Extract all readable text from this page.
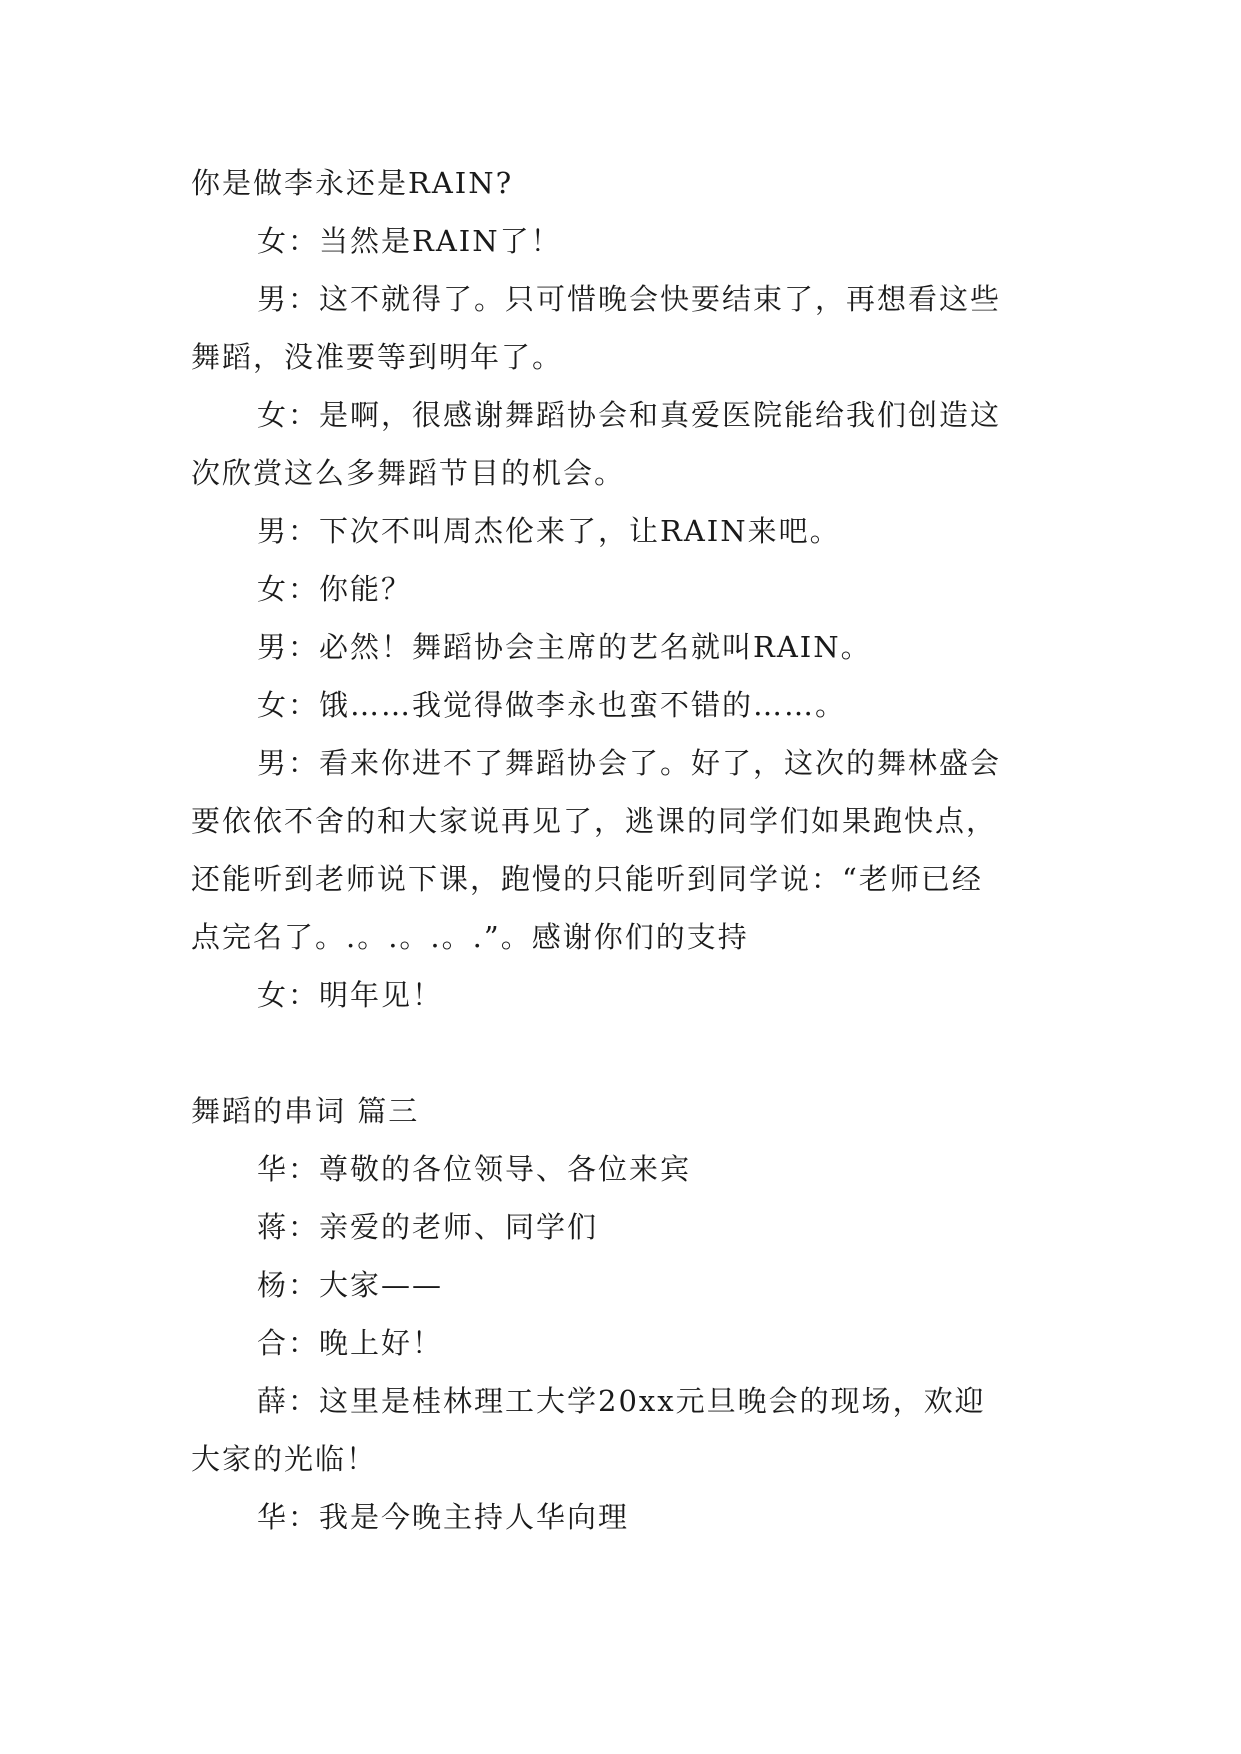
你是做李永还是RAIN?
女：当然是RAIN了！
男：这不就得了。只可惜晚会快要结束了，再想看这些
舞蹈，没准要等到明年了。
女：是啊，很感谢舞蹈协会和真爱医院能给我们创造这
次欣赏这么多舞蹈节目的机会。
男：下次不叫周杰伦来了，让RAIN来吧。
女：你能？
男：必然！舞蹈协会主席的艺名就叫RAIN。
女：饿……我觉得做李永也蛮不错的……。
男：看来你进不了舞蹈协会了。好了，这次的舞林盛会
要依依不舍的和大家说再见了，逃课的同学们如果跑快点，
还能听到老师说下课，跑慢的只能听到同学说：“老师已经
点完名了。.。.。.。.”。感谢你们的支持
女：明年见！
舞蹈的串词 篇三
华：尊敬的各位领导、各位来宾
蒋：亲爱的老师、同学们
杨：大家——
合：晚上好！
薛：这里是桂林理工大学20xx元旦晚会的现场，欢迎
大家的光临！
华：我是今晚主持人华向理
